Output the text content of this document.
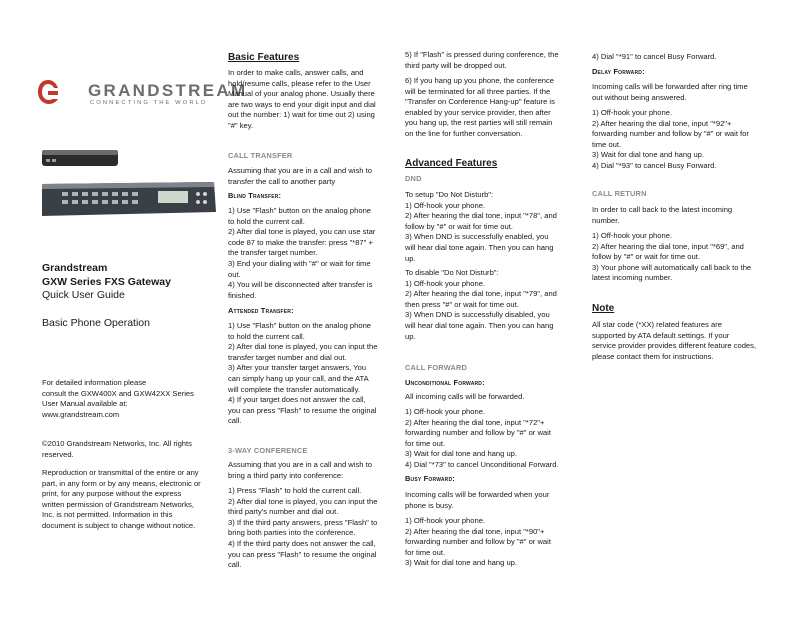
GRANDSTREAM
CONNECTING THE WORLD
Grandstream
GXW Series FXS Gateway
Quick User Guide
Basic Phone Operation

For detailed information please

consult the GXW400X and GXW42XX Series

User Manual available at:

www.grandstream.com

©2010 Grandstream Networks, Inc. All rights

reserved.

Reproduction or transmittal of the entire or any

part, in any form or by any means, electronic or

print, for any purpose without the express

written permission of Grandstream Networks,

Inc. is not permitted. Information in this

document is subject to change without notice.

Basic Features

In order to make calls, answer calls, and

hold/resume calls, please refer to the User

Manual of your analog phone. Usually there

are two ways to end your digit input and dial

out the number: 1) wait for time out 2) using

"#" key.

CALL TRANSFER

Assuming that you are in a call and wish to

transfer the call to another party

Blind Transfer:

1) Use "Flash" button on the analog phone

to hold the current call.

2) After dial tone is played, you can use star

code 87 to make the transfer: press "*87" +

the transfer target number.

3) End your dialing with "#" or wait for time

out.

4) You will be disconnected after transfer is

finished.

Attended Transfer:

1) Use "Flash" button on the analog phone

to hold the current call.

2) After dial tone is played, you can input the

transfer target number and dial out.

3) After your transfer target answers, You

can simply hang up your call, and the ATA

will complete the transfer automatically.

4) If your target does not answer the call,

you can press "Flash" to resume the original

call.

3-WAY CONFERENCE

Assuming that you are in a call and wish to

bring a third party into conference:

1) Press "Flash" to hold the current call.

2) After dial tone is played, you can input the

third party's number and dial out.

3) If the third party answers, press "Flash" to

bring both parties into the conference.

4) If the third party does not answer the call,

you can press "Flash" to resume the original

call.

5) If "Flash" is pressed during conference, the

third party will be dropped out.

6) If you hang up you phone, the conference

will be terminated for all three parties. If the

"Transfer on Conference Hang-up" feature is

enabled by your service provider, then after

you hang up, the rest parties will still remain

on the line for further conversation.

Advanced Features
DND

To setup "Do Not Disturb":

1) Off-hook your phone.

2) After hearing the dial tone, input "*78", and

follow by "#" or wait for time out.

3) When DND is successfully enabled, you

will hear dial tone again. Then you can hang

up.

To disable "Do Not Disturb":

1) Off-hook your phone.

2) After hearing the dial tone, input "*79", and

then press "#" or wait for time out.

3) When DND is successfully disabled, you

will hear dial tone again. Then you can hang

up.

CALL FORWARD
Unconditional Forward:

All incoming calls will be forwarded.

1) Off-hook your phone.

2) After hearing the dial tone, input "*72"+

forwarding number and follow by "#" or wait

for time out.

3) Wait for dial tone and hang up.

4) Dial "*73" to cancel Unconditional Forward.

Busy Forward:

Incoming calls will be forwarded when your

phone is busy.

1) Off-hook your phone.

2) After hearing the dial tone, input "*90"+

forwarding number and follow by "#" or wait

for time out.

3) Wait for dial tone and hang up.

4) Dial "*91" to cancel Busy Forward.

Delay Forward:

Incoming calls will be forwarded after ring time

out without being answered.

1) Off-hook your phone.

2) After hearing the dial tone, input "*92"+

forwarding number and follow by "#" or wait for

time out.

3) Wait for dial tone and hang up.

4) Dial "*93" to cancel Busy Forward.

CALL RETURN

In order to call back to the latest incoming

number.

1) Off-hook your phone.

2) After hearing the dial tone, input "*69", and

follow by "#" or wait for time out.

3) Your phone will automatically call back to the

latest incoming number.

Note

All star code (*XX) related features are

supported by ATA default settings. If your

service provider provides different feature codes,

please contact them for instructions.
